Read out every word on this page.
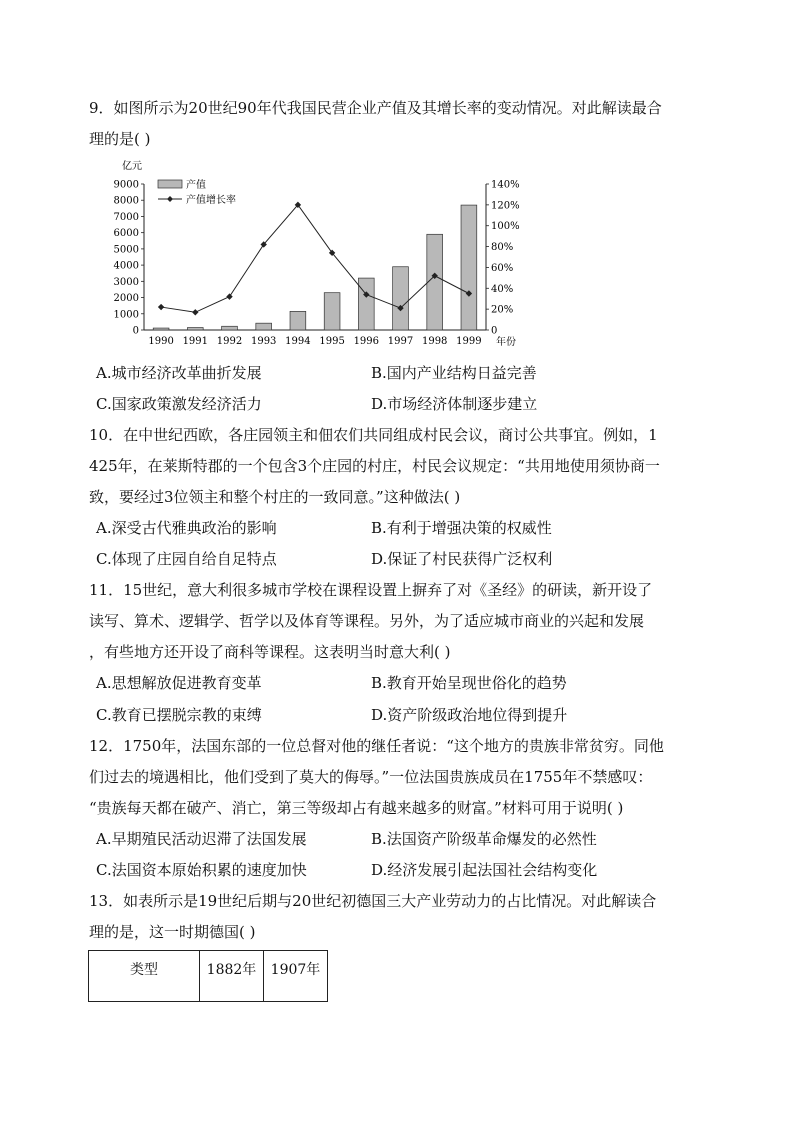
9．如图所示为20世纪90年代我国民营企业产值及其增长率的变动情况。对此解读最合
理的是( )
亿元
0
1000
2000
3000
4000
5000
6000
7000
8000
9000
0
20%
40%
60%
80%
100%
120%
140%
1990 1991 1992 1993 1994 1995 1996 1997 1998 1999
产值
产值增长率
年份
A.城市经济改革曲折发展	B.国内产业结构日益完善
C.国家政策激发经济活力	D.市场经济体制逐步建立
10．在中世纪西欧，各庄园领主和佃农们共同组成村民会议，商讨公共事宜。例如，1
425年，在莱斯特郡的一个包含3个庄园的村庄，村民会议规定：“共用地使用须协商一
致，要经过3位领主和整个村庄的一致同意。”这种做法( )
A.深受古代雅典政治的影响	B.有利于增强决策的权威性
C.体现了庄园自给自足特点	D.保证了村民获得广泛权利
11．15世纪，意大利很多城市学校在课程设置上摒弃了对《圣经》的研读，新开设了
读写、算术、逻辑学、哲学以及体育等课程。另外，为了适应城市商业的兴起和发展
，有些地方还开设了商科等课程。这表明当时意大利( )
A.思想解放促进教育变革	B.教育开始呈现世俗化的趋势
C.教育已摆脱宗教的束缚	D.资产阶级政治地位得到提升
12．1750年，法国东部的一位总督对他的继任者说：“这个地方的贵族非常贫穷。同他
们过去的境遇相比，他们受到了莫大的侮辱。”一位法国贵族成员在1755年不禁感叹：
“贵族每天都在破产、消亡，第三等级却占有越来越多的财富。”材料可用于说明( )
A.早期殖民活动迟滞了法国发展	B.法国资产阶级革命爆发的必然性
C.法国资本原始积累的速度加快	D.经济发展引起法国社会结构变化
13．如表所示是19世纪后期与20世纪初德国三大产业劳动力的占比情况。对此解读合
理的是，这一时期德国( )
类型	1882年	1907年
